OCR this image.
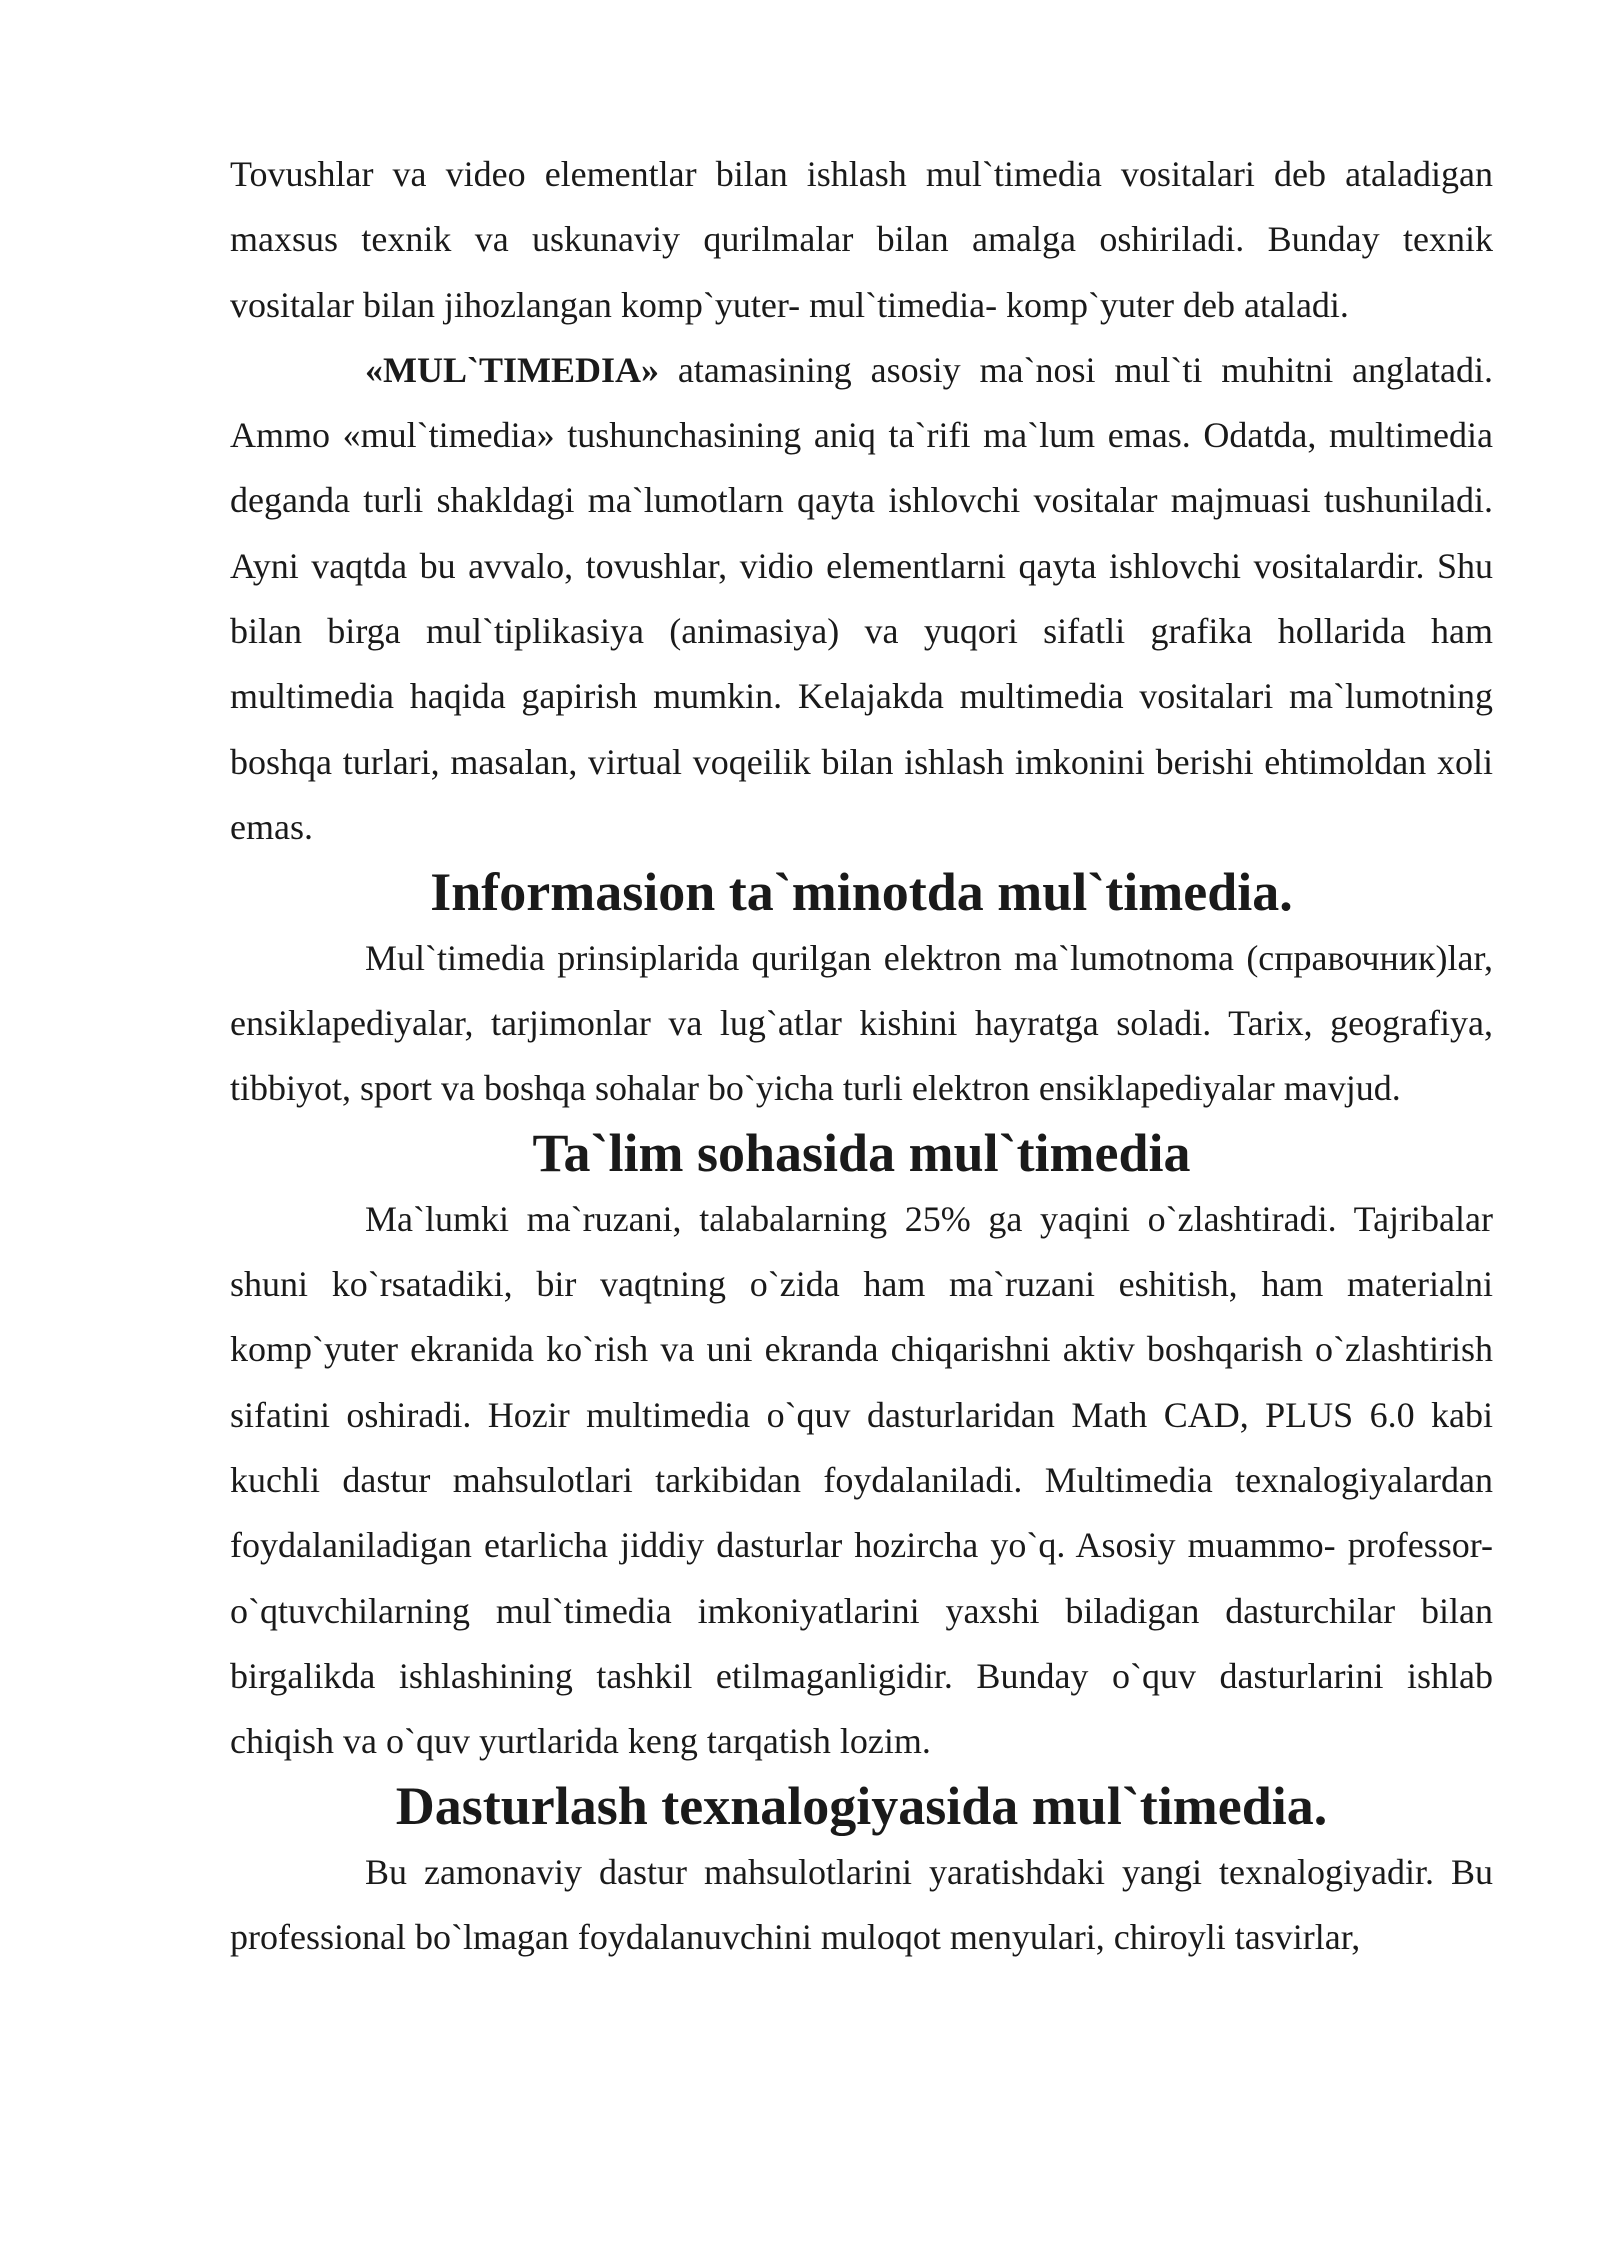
Tovushlar va video elementlar bilan ishlash mul`timedia vositalari deb ataladigan maxsus texnik va uskunaviy qurilmalar bilan amalga oshiriladi. Bunday texnik vositalar bilan jihozlangan komp`yuter- mul`timedia- komp`yuter deb ataladi.

«MUL`TIMEDIA» atamasining asosiy ma`nosi mul`ti muhitni anglatadi. Ammo «mul`timedia» tushunchasining aniq ta`rifi ma`lum emas. Odatda, multimedia deganda turli shakldagi ma`lumotlarn qayta ishlovchi vositalar majmuasi tushuniladi. Ayni vaqtda bu avvalo, tovushlar, vidio elementlarni qayta ishlovchi vositalardir. Shu bilan birga mul`tiplikasiya (animasiya) va yuqori sifatli grafika hollarida ham multimedia haqida gapirish mumkin. Kelajakda multimedia vositalari ma`lumotning boshqa turlari, masalan, virtual voqeilik bilan ishlash imkonini berishi ehtimoldan xoli emas.

Informasion ta`minotda mul`timedia.

Mul`timedia prinsiplarida qurilgan elektron ma`lumotnoma (справочник)lar, ensiklapediyalar, tarjimonlar va lug`atlar kishini hayratga soladi. Tarix, geografiya, tibbiyot, sport va boshqa sohalar bo`yicha turli elektron ensiklapediyalar mavjud.

Ta`lim sohasida mul`timedia

Ma`lumki ma`ruzani, talabalarning 25% ga yaqini o`zlashtiradi. Tajribalar shuni ko`rsatadiki, bir vaqtning o`zida ham ma`ruzani eshitish, ham materialni komp`yuter ekranida ko`rish va uni ekranda chiqarishni aktiv boshqarish o`zlashtirish sifatini oshiradi. Hozir multimedia o`quv dasturlaridan Math CAD, PLUS 6.0 kabi kuchli dastur mahsulotlari tarkibidan foydalaniladi. Multimedia texnalogiyalardan foydalaniladigan etarlicha jiddiy dasturlar hozircha yo`q. Asosiy muammo- professor- o`qtuvchilarning mul`timedia imkoniyatlarini yaxshi biladigan dasturchilar bilan birgalikda ishlashining tashkil etilmaganligidir. Bunday o`quv dasturlarini ishlab chiqish va o`quv yurtlarida keng tarqatish lozim.

Dasturlash texnalogiyasida mul`timedia.

Bu zamonaviy dastur mahsulotlarini yaratishdaki yangi texnalogiyadir. Bu professional bo`lmagan foydalanuvchini muloqot menyulari, chiroyli tasvirlar,
